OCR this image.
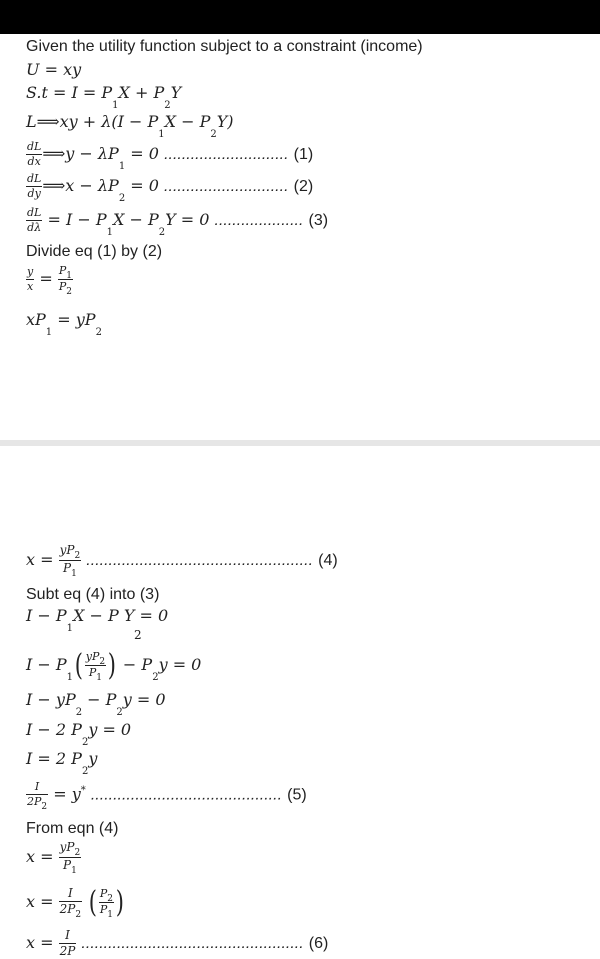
Given the utility function subject to a constraint (income)
U = xy
$S.t = I = P_1X + P_2Y$
L⟹xy + $\lambda(I - P_1X - P_2Y)$
$\frac{dL}{dx}$ ⟹y − $\lambda P_1 = 0$ ............................ (1)
$\frac{dL}{dy}$ ⟹x − $\lambda P_2 = 0$ ............................ (2)
$\frac{dL}{d\lambda} = I - P_1X - P_2Y = 0$ .................... (3)
Divide eq (1) by (2)
$\frac{y}{x} = \frac{P_1}{P_2}$
$xP_1 = yP_2$
$x = \frac{yP_2}{P_1}$ ................................................... (4)
Subt eq (4) into (3)
$I - P_1X - P$ Y = 0
2
$I - P_1( \frac{yP_2}{P_1}$ ) − $P_2y = 0$
$I - yP_2 - P_2y = 0$
I − 2 $P_2y = 0$
I = 2 $P_2y$
$\frac{I}{2P_2} = y^*$ ........................................... (5)
From eqn (4)
$x = \frac{yP_2}{P_1}$
$x = \frac{I}{2P_2}$ ( $\frac{P_2}{P_1}$ )
$x = \frac{I}{2P}$ .................................................. (6)
